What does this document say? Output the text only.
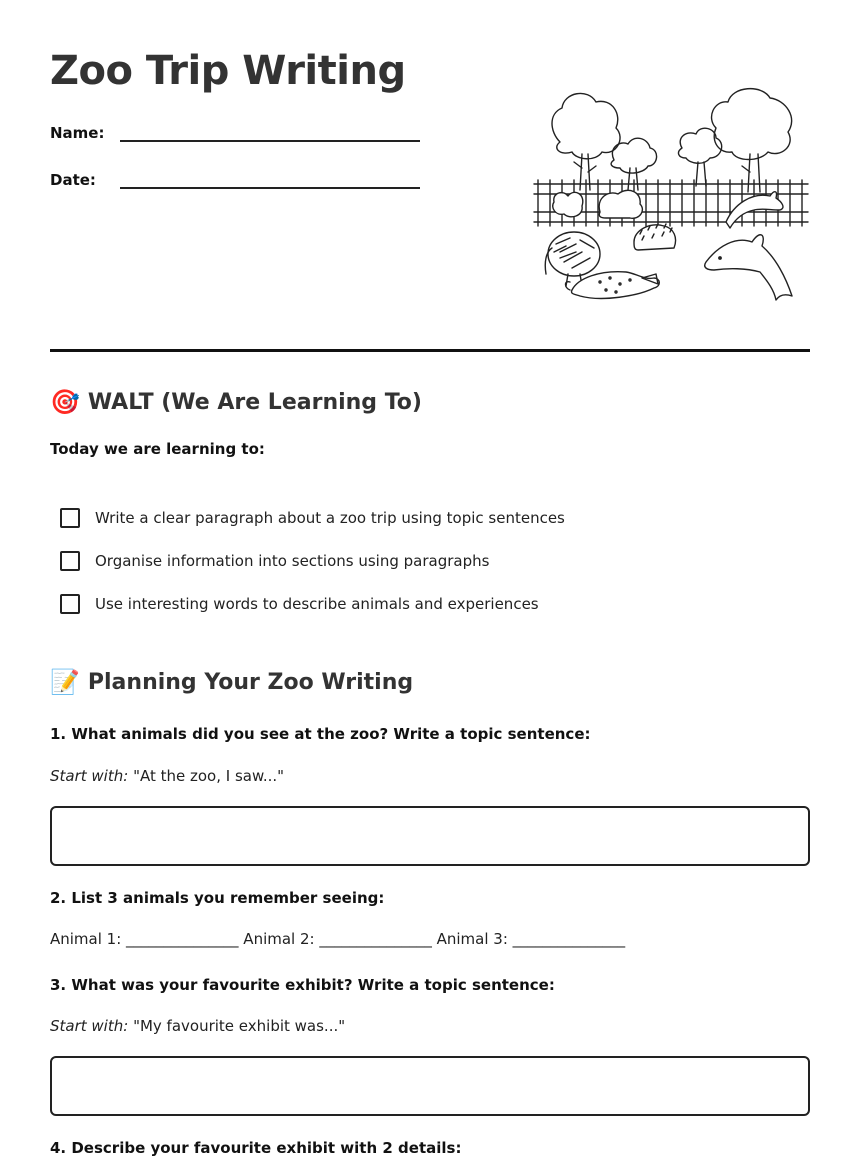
Zoo Trip Writing
Name:
Date:
🎯 WALT (We Are Learning To)
Today we are learning to:
Write a clear paragraph about a zoo trip using topic sentences
Organise information into sections using paragraphs
Use interesting words to describe animals and experiences
📝 Planning Your Zoo Writing
1. What animals did you see at the zoo? Write a topic sentence:
Start with: "At the zoo, I saw..."
2. List 3 animals you remember seeing:
Animal 1: _______________ Animal 2: _______________ Animal 3: _______________
3. What was your favourite exhibit? Write a topic sentence:
Start with: "My favourite exhibit was..."
4. Describe your favourite exhibit with 2 details:
